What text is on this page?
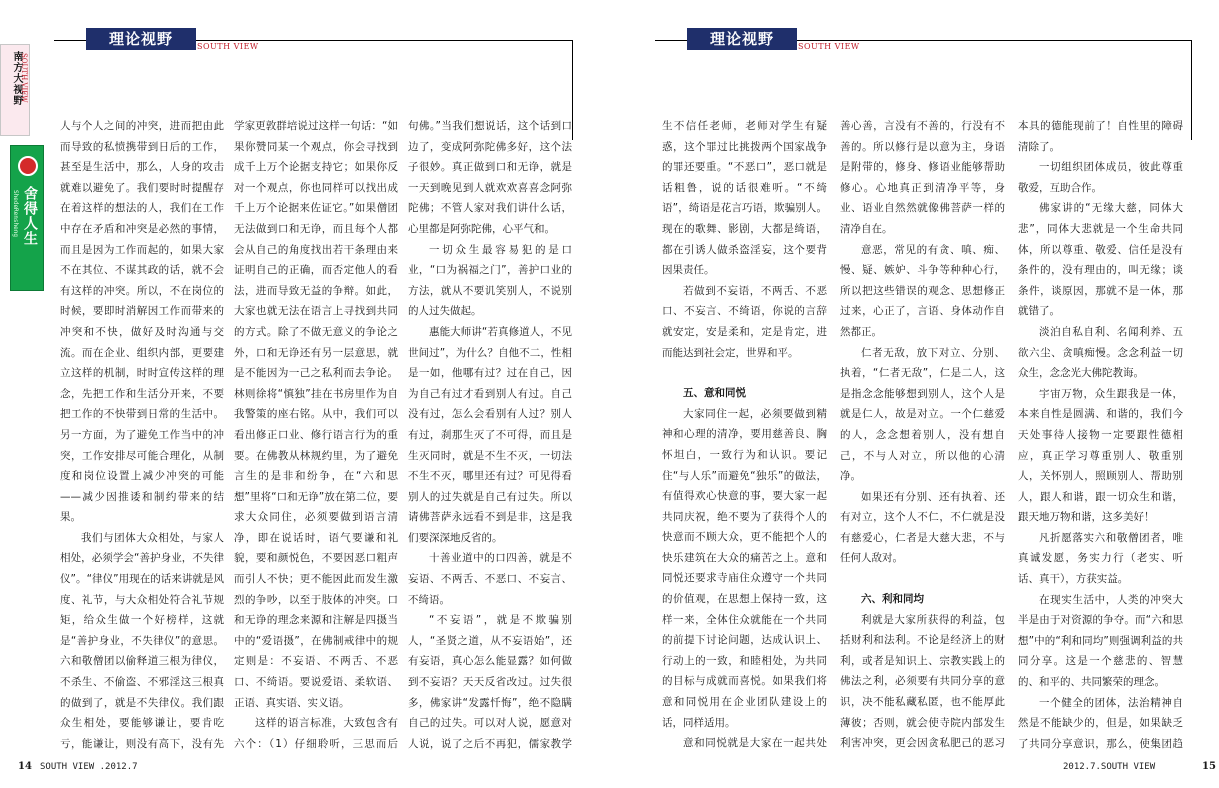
理论视野	SOUTH VIEW
南方大视野
SOUTH VIEW
舍得人生
ShedeRensheng

人与个人之间的冲突，进而把由此而导致的私愤携带到日后的工作，甚至是生活中，那么，人身的攻击就难以避免了。我们要时时提醒存在着这样的想法的人，我们在工作中存在矛盾和冲突是必然的事情，而且是因为工作而起的，如果大家不在其位、不谋其政的话，就不会有这样的冲突。所以，不在岗位的时候，要即时消解因工作而带来的冲突和不快，做好及时沟通与交流。而在企业、组织内部，更要建立这样的机制，时时宣传这样的理念，先把工作和生活分开来，不要把工作的不快带到日常的生活中。另一方面，为了避免工作当中的冲突，工作安排尽可能合理化，从制度和岗位设置上减少冲突的可能——减少因推诿和制约带来的结果。

我们与团体大众相处，与家人相处，必须学会“善护身业，不失律仪”。“律仪”用现在的话来讲就是风度、礼节，与大众相处符合礼节规矩，给众生做一个好榜样，这就是“善护身业，不失律仪”的意思。六和敬僧团以偷释道三根为律仪，不杀生、不偷盗、不邪淫这三根真的做到了，就是不失律仪。我们跟众生相处，要能够谦让，要肯吃亏，能谦让，则没有高下，没有先

学家更敦群培说过这样一句话：“如果你赞同某一个观点，你会寻找到成千上万个论据支持它；如果你反对一个观点，你也同样可以找出成千上万个论据来佐证它。”如果僧团无法做到口和无诤，而且每个人都会从自己的角度找出若干条理由来证明自己的正确，而否定他人的看法，进而导致无益的争辩。如此，大家也就无法在语言上寻找到共同的方式。除了不做无意义的争论之外，口和无诤还有另一层意思，就是不能因为一己之私利而去争论。林则徐将“慎独”挂在书房里作为自我警策的座右铭。从中，我们可以看出修正口业、修行语言行为的重要。在佛教从林规约里，为了避免言生的是非和纷争，在“六和思想”里将“口和无诤”放在第二位，要求大众同住，必须要做到语言清净，即在说话时，语气要谦和礼貌，要和颜悦色，不要因恶口粗声而引人不快；更不能因此而发生激烈的争吵，以至于肢体的冲突。口和无诤的理念来源和注解是四摄当中的“爱语摄”，在佛制戒律中的规定则是：不妄语、不两舌、不恶口、不绮语。要说爱语、柔软语、正语、真实语、实义语。

这样的语言标准，大致包含有六个：（1）仔细聆听，三思而后

句佛。”当我们想说话，这个话到口边了，变成阿弥陀佛多好，这个法子很妙。真正做到口和无诤，就是一天到晚见到人就欢欢喜喜念阿弥陀佛；不管人家对我们讲什么话，心里都是阿弥陀佛，心平气和。

一切众生最容易犯的是口业，“口为祸福之门”，善护口业的方法，就从不要讥笑别人，不说别的人过失做起。

惠能大师讲“若真修道人，不见世间过”，为什么？自他不二，性相是一如，他哪有过？过在自己，因为自己有过才看到别人有过。自己没有过，怎么会看别有人过？别人有过，刹那生灭了不可得，而且是生灭同时，就是不生不灭，一切法不生不灭，哪里还有过？可见得看别人的过失就是自己有过失。所以请佛菩萨永远看不到是非，这是我们要深深地反省的。

十善业道中的口四善，就是不妄语、不两舌、不恶口、不妄言、不绮语。

“不妄语”，就是不欺骗别人，“圣贤之道，从不妄语始”，还有妄语，真心怎么能显露？如何做到不妄语？天天反省改过。过失很多，佛家讲“发露忏悔”，绝不隐瞒自己的过失。可以对人说，愿意对人说，说了之后不再犯，儒家教学

14 SOUTH VIEW .2012.7
理论视野	SOUTH VIEW

生不信任老师，老师对学生有疑惑，这个罪过比挑拨两个国家战争的罪还要重。“不恶口”，恶口就是话粗鲁，说的话很难听。“不绮语”，绮语是花言巧语，欺骗别人。现在的歌舞、影剧，大都是绮语，都在引诱人做杀盗淫妄，这个要背因果责任。

若做到不妄语，不两舌、不恶口、不妄言、不绮语，你说的言辞就安定，安是柔和，定是肯定，进而能达到社会定，世界和平。

五、意和同悦

大家同住一起，必须要做到精神和心理的清净，要用慈善良、胸怀坦白，一致行为和认识。要记住“与人乐”而避免“独乐”的做法，有值得欢心快意的事，要大家一起共同庆祝，绝不要为了获得个人的快意而不顾大众，更不能把个人的快乐建筑在大众的痛苦之上。意和同悦还要求寺庙住众遵守一个共同的价值观，在思想上保持一致，这样一来，全体住众就能在一个共同的前提下讨论问题，达成认识上、行动上的一致，和睦相处，为共同的目标与成就而喜悦。如果我们将意和同悦用在企业团队建设上的话，同样适用。

意和同悦就是大家在一起共处

善心善，言没有不善的，行没有不善的。所以修行是以意为主，身语是附带的，修身、修语业能够帮助修心。心地真正到清净平等，身业、语业自然然就像佛菩萨一样的清净自在。

意恶，常见的有贪、嗔、痴、慢、疑、嫉妒、斗争等种种心行，所以把这些错误的观念、思想修正过来，心正了，言语、身体动作自然都正。

仁者无敌，放下对立、分别、执着，“仁者无敌”，仁是二人，这是指念念能够想到别人，这个人是就是仁人，故是对立。一个仁慈爱的人，念念想着别人，没有想自己，不与人对立，所以他的心清净。

如果还有分别、还有执着、还有对立，这个人不仁，不仁就是没有慈爱心，仁者是大慈大悲，不与任何人敌对。

六、利和同均

利就是大家所获得的利益，包括财利和法利。不论是经济上的财利，或者是知识上、宗教实践上的佛法之利，必须要有共同分享的意识，决不能私藏私匿，也不能厚此薄彼；否则，就会使寺院内部发生利害冲突，更会因贪私肥己的恶习

本具的德能现前了！自性里的障碍清除了。

一切组织团体成员，彼此尊重敬爱，互助合作。

佛家讲的“无缘大慈，同体大悲”，同体大悲就是一个生命共同体，所以尊重、敬爱、信任是没有条件的，没有理由的，叫无缘；谈条件，谈原因，那就不是一体，那就错了。

淡泊自私自利、名闻利养、五欲六尘、贪嗔痴慢。念念利益一切众生，念念光大佛陀教诲。

宇宙万物，众生跟我是一体，本来自性是圆满、和谐的，我们今天处事待人接物一定要跟性德相应，真正学习尊重别人、敬重别人，关怀别人，照顾别人、帮助别人，跟人和谐，跟一切众生和谐，跟天地万物和谐，这多美好！

凡折愿落实六和敬僧团者，唯真诚发愿，务实力行（老实、听话、真干），方获实益。

在现实生活中，人类的冲突大半是由于对资源的争夺。而“六和思想”中的“利和同均”则强调利益的共同分享。这是一个慈悲的、智慧的、和平的、共同繁荣的理念。

一个健全的团体，法治精神自然是不能缺少的，但是，如果缺乏了共同分享意识，那么，使集团趋

2012.7.SOUTH VIEW	15
